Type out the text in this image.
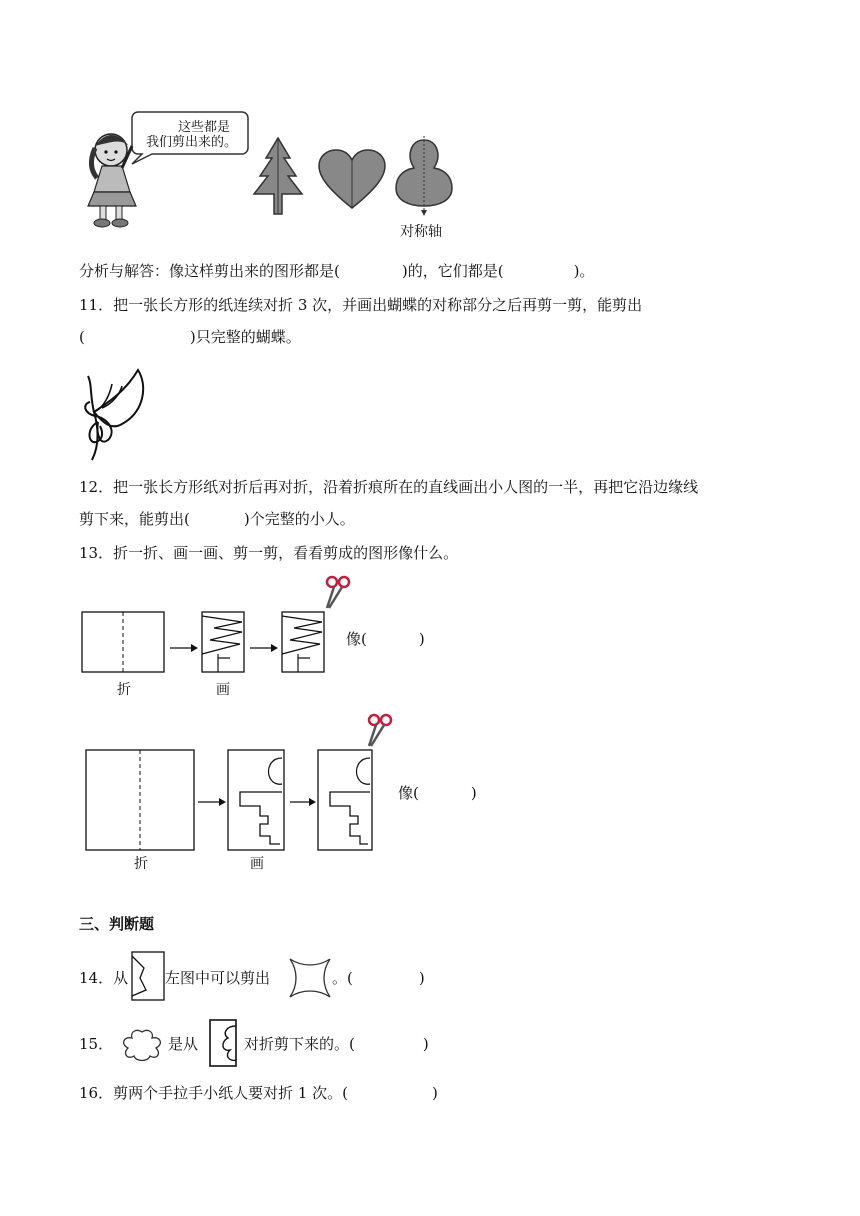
这些都是
我们剪出来的。
对称轴
分析与解答：像这样剪出来的图形都是(	)的，它们都是(	)。
11．把一张长方形的纸连续对折 3 次，并画出蝴蝶的对称部分之后再剪一剪，能剪出
(	)只完整的蝴蝶。
12．把一张长方形纸对折后再对折，沿着折痕所在的直线画出小人图的一半，再把它沿边缘线
剪下来，能剪出(	)个完整的小人。
13．折一折、画一画、剪一剪，看看剪成的图形像什么。
折	画
像(	)
折	画
像(	)
三、判断题
14．从 左图中可以剪出	。(	)
15．	是从	对折剪下来的。(	)
16．剪两个手拉手小纸人要对折 1 次。(	)
